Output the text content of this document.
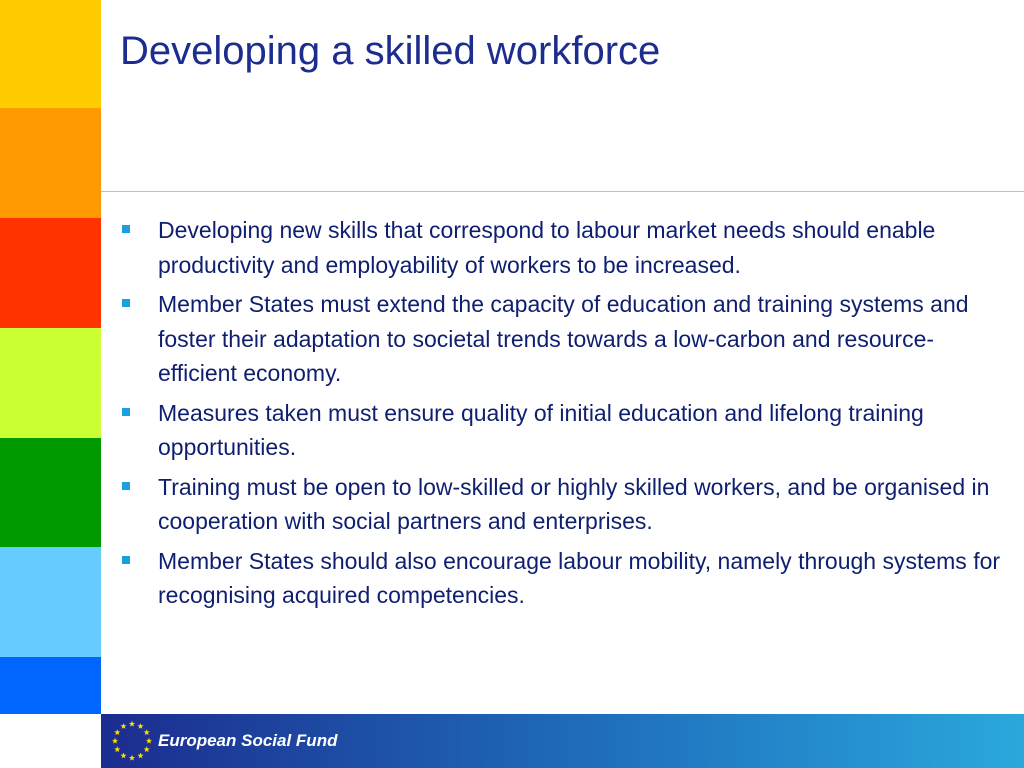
Developing a skilled workforce
Developing new skills that correspond to labour market needs should enable productivity and employability of workers to be increased.
Member States must extend the capacity of education and training systems and foster their adaptation to societal trends towards a low-carbon and resource-efficient economy.
Measures taken must ensure quality of initial education and lifelong training opportunities.
Training must be open to low-skilled or highly skilled workers, and be organised in cooperation with social partners and enterprises.
Member States should also encourage labour mobility, namely through systems for recognising acquired competencies.
European Social Fund
